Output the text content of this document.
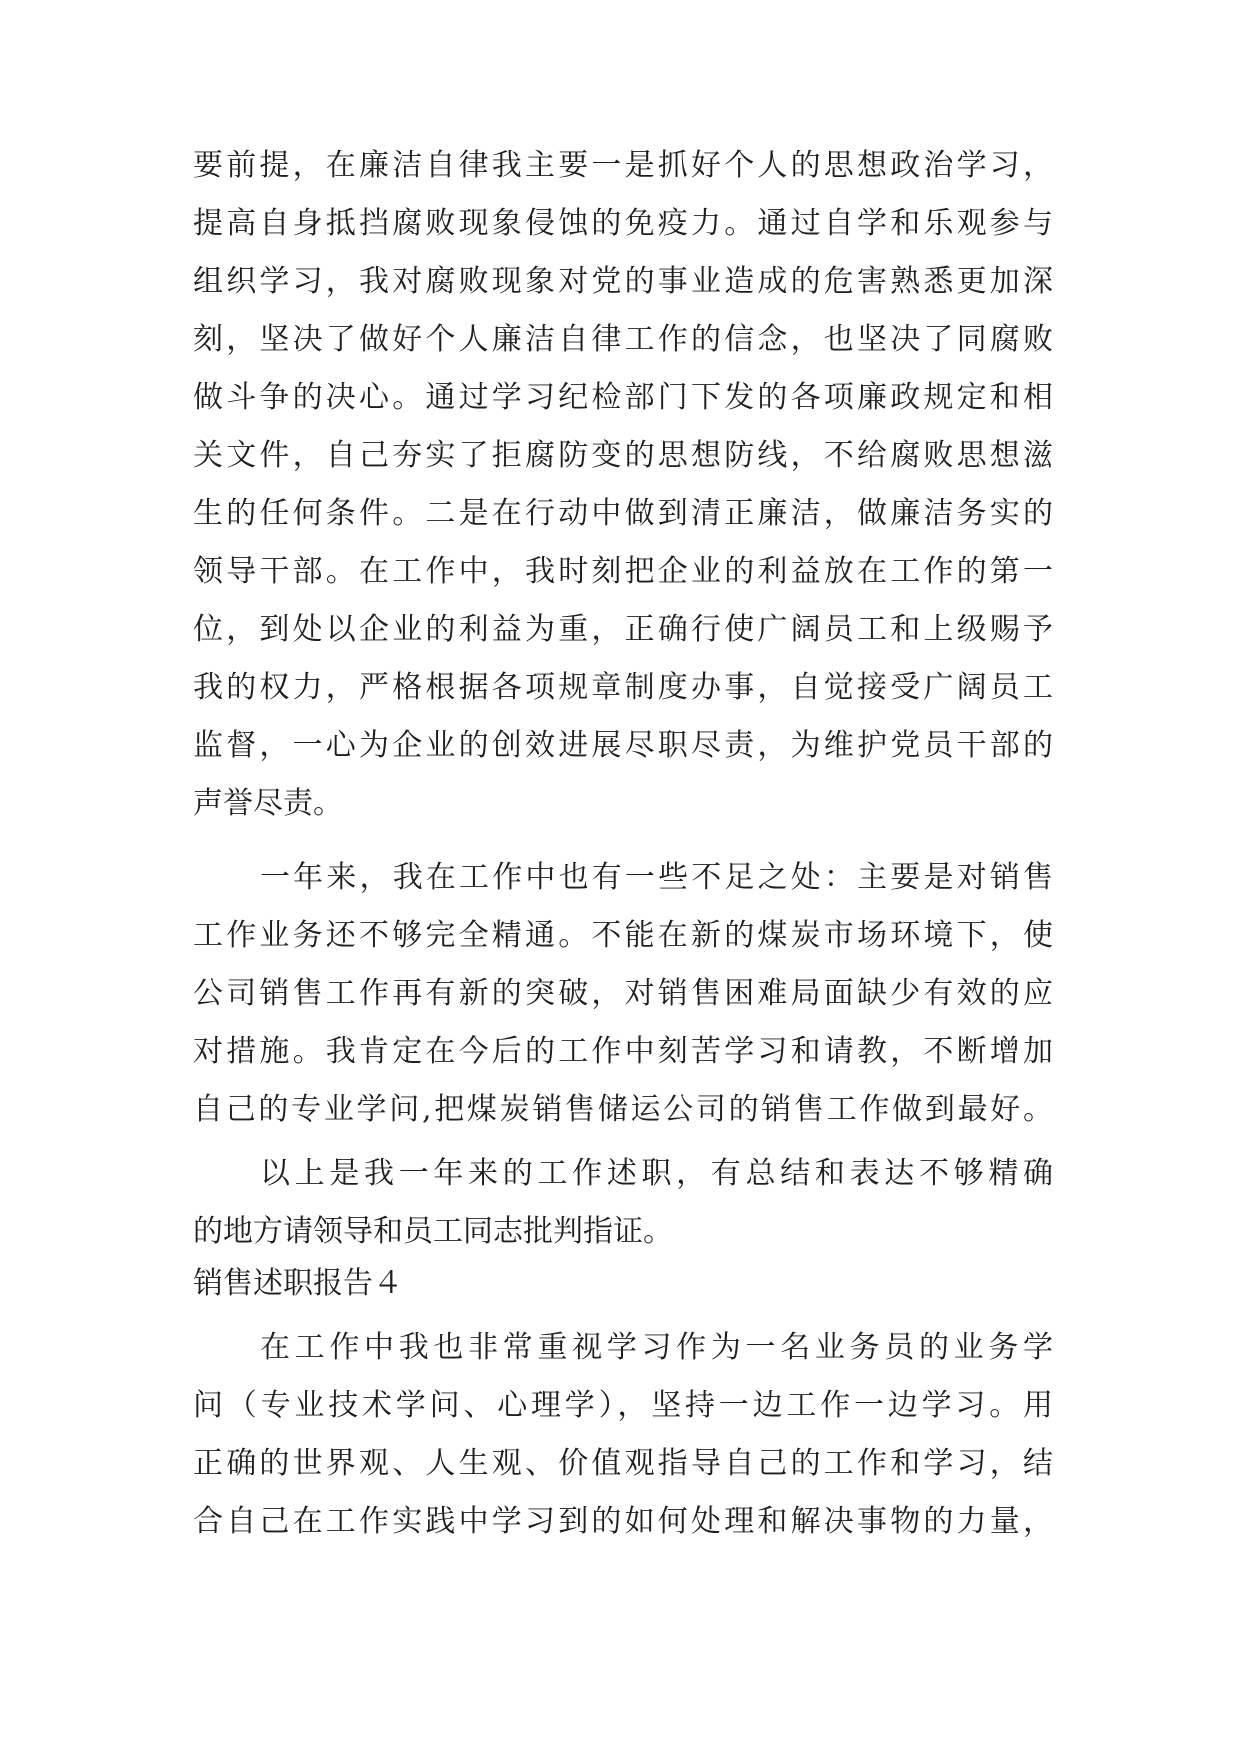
要前提，在廉洁自律我主要一是抓好个人的思想政治学习，
提高自身抵挡腐败现象侵蚀的免疫力。通过自学和乐观参与
组织学习，我对腐败现象对党的事业造成的危害熟悉更加深
刻，坚决了做好个人廉洁自律工作的信念，也坚决了同腐败
做斗争的决心。通过学习纪检部门下发的各项廉政规定和相
关文件，自己夯实了拒腐防变的思想防线，不给腐败思想滋
生的任何条件。二是在行动中做到清正廉洁，做廉洁务实的
领导干部。在工作中，我时刻把企业的利益放在工作的第一
位，到处以企业的利益为重，正确行使广阔员工和上级赐予
我的权力，严格根据各项规章制度办事，自觉接受广阔员工
监督，一心为企业的创效进展尽职尽责，为维护党员干部的
声誉尽责。
一年来，我在工作中也有一些不足之处：主要是对销售
工作业务还不够完全精通。不能在新的煤炭市场环境下，使
公司销售工作再有新的突破，对销售困难局面缺少有效的应
对措施。我肯定在今后的工作中刻苦学习和请教，不断增加
自己的专业学问,把煤炭销售储运公司的销售工作做到最好。
以上是我一年来的工作述职，有总结和表达不够精确
的地方请领导和员工同志批判指证。
销售述职报告４
在工作中我也非常重视学习作为一名业务员的业务学
问（专业技术学问、心理学），坚持一边工作一边学习。用
正确的世界观、人生观、价值观指导自己的工作和学习，结
合自己在工作实践中学习到的如何处理和解决事物的力量，
